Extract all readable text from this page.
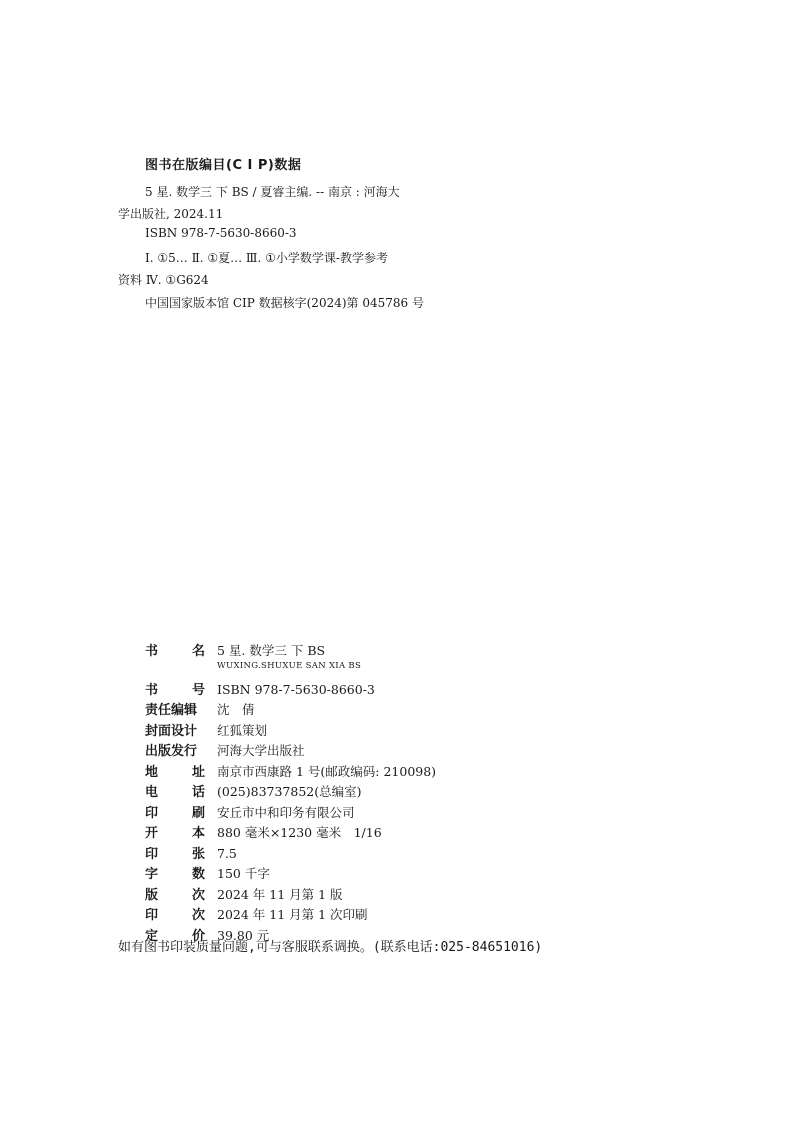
图书在版编目(C I P)数据
5 星. 数学三 下 BS / 夏睿主编. -- 南京 : 河海大
学出版社, 2024.11
ISBN 978-7-5630-8660-3
Ⅰ. ①5… Ⅱ. ①夏… Ⅲ. ①小学数学课-教学参考
资料 Ⅳ. ①G624
中国国家版本馆 CIP 数据核字(2024)第 045786 号
书	名 5 星. 数学三 下 BS
WUXING.SHUXUE SAN XIA BS
书	号 ISBN 978-7-5630-8660-3
责任编辑	沈　倩
封面设计	红狐策划
出版发行	河海大学出版社
地	址 南京市西康路 1 号(邮政编码: 210098)
电	话 (025)83737852(总编室)
印	刷 安丘市中和印务有限公司
开	本 880 毫米×1230 毫米　1/16
印	张 7.5
字	数 150 千字
版	次 2024 年 11 月第 1 版
印	次 2024 年 11 月第 1 次印刷
定	价 39.80 元
如有图书印装质量问题,可与客服联系调换。(联系电话:025-84651016)
